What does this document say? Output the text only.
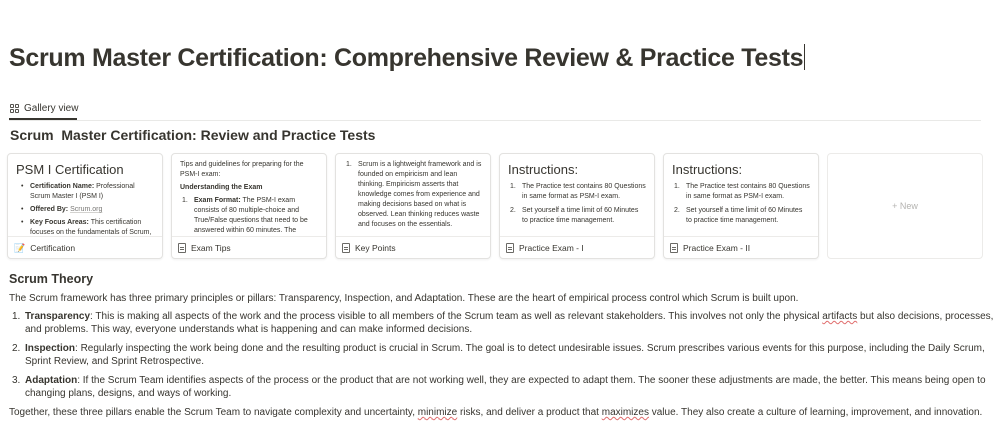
Scrum Master Certification: Comprehensive Review & Practice Tests
Gallery view
Scrum  Master Certification: Review and Practice Tests
PSM I Certification
• Certification Name: Professional Scrum Master I (PSM I)
• Offered By: Scrum.org
• Key Focus Areas: This certification focuses on the fundamentals of Scrum,
📝 Certification
Tips and guidelines for preparing for the PSM-I exam:
Understanding the Exam
1. Exam Format: The PSM-I exam consists of 80 multiple-choice and True/False questions that need to be answered within 60 minutes. The
Exam Tips
1. Scrum is a lightweight framework and is founded on empiricism and lean thinking. Empiricism asserts that knowledge comes from experience and making decisions based on what is observed. Lean thinking reduces waste and focuses on the essentials.
Key Points
Instructions:
1. The Practice test contains 80 Questions in same format as PSM-I exam.
2. Set yourself a time limit of 60 Minutes to practice time management.
Practice Exam - I
Instructions:
1. The Practice test contains 80 Questions in same format as PSM-I exam.
2. Set yourself a time limit of 60 Minutes to practice time management.
Practice Exam - II
+ New
Scrum Theory

The Scrum framework has three primary principles or pillars: Transparency, Inspection, and Adaptation. These are the heart of empirical process control which Scrum is built upon.

1. Transparency: This is making all aspects of the work and the process visible to all members of the Scrum team as well as relevant stakeholders. This involves not only the physical artifacts but also decisions, processes, and problems. This way, everyone understands what is happening and can make informed decisions.
2. Inspection: Regularly inspecting the work being done and the resulting product is crucial in Scrum. The goal is to detect undesirable issues. Scrum prescribes various events for this purpose, including the Daily Scrum, Sprint Review, and Sprint Retrospective.
3. Adaptation: If the Scrum Team identifies aspects of the process or the product that are not working well, they are expected to adapt them. The sooner these adjustments are made, the better. This means being open to changing plans, designs, and ways of working.

Together, these three pillars enable the Scrum Team to navigate complexity and uncertainty, minimize risks, and deliver a product that maximizes value. They also create a culture of learning, improvement, and innovation.
